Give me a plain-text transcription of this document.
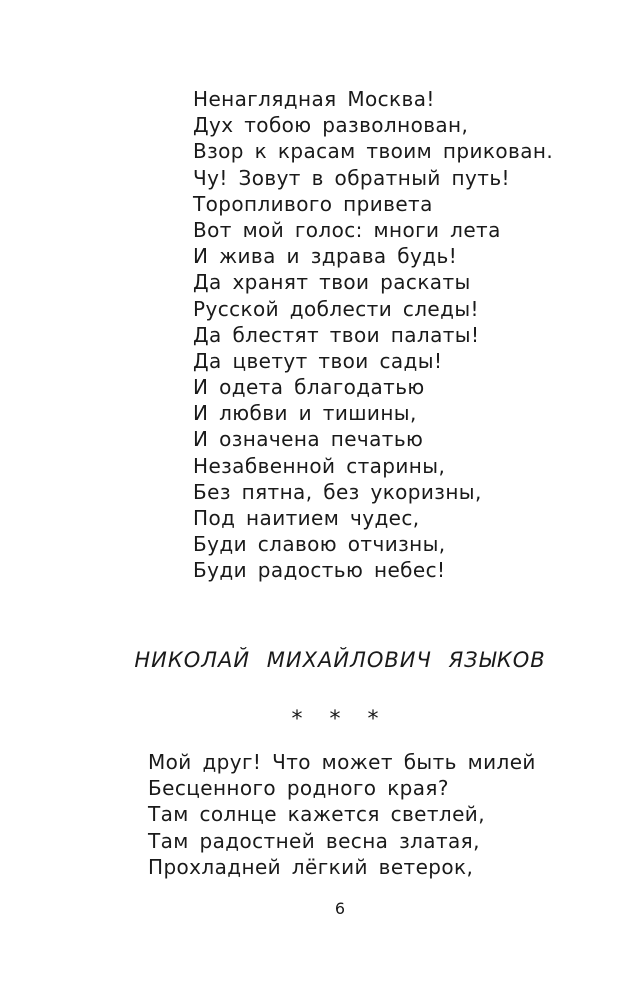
Ненаглядная Москва!
Дух тобою разволнован,
Взор к красам твоим прикован.
Чу! Зовут в обратный путь!
Торопливого привета
Вот мой голос: многи лета
И жива и здрава будь!
Да хранят твои раскаты
Русской доблести следы!
Да блестят твои палаты!
Да цветут твои сады!
И одета благодатью
И любви и тишины,
И означена печатью
Незабвенной старины,
Без пятна, без укоризны,
Под наитием чудес,
Буди славою отчизны,
Буди радостью небес!
НИКОЛАЙ МИХАЙЛОВИЧ ЯЗЫКОВ
* * *
Мой друг! Что может быть милей
Бесценного родного края?
Там солнце кажется светлей,
Там радостней весна златая,
Прохладней лёгкий ветерок,
6
